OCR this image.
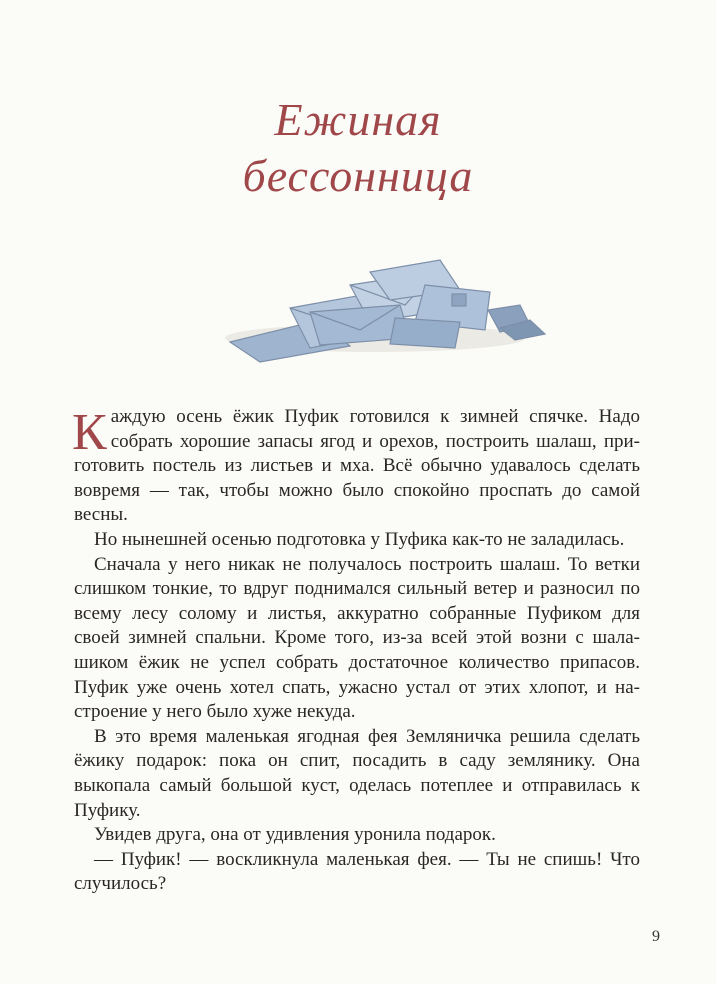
Ежиная
бессонница

Каждую осень ёжик Пуфик готовился к зимней спячке. Надо собрать хорошие запасы ягод и орехов, построить шалаш, приготовить постель из листьев и мха. Всё обычно удавалось сделать вовремя — так, чтобы можно было спокойно проспать до самой весны.

Но нынешней осенью подготовка у Пуфика как-то не заладилась.

Сначала у него никак не получалось построить шалаш. То ветки слишком тонкие, то вдруг поднимался сильный ветер и разносил по всему лесу солому и листья, аккуратно собранные Пуфиком для своей зимней спальни. Кроме того, из-за всей этой возни с шалашиком ёжик не успел собрать достаточное количество припасов. Пуфик уже очень хотел спать, ужасно устал от этих хлопот, и настроение у него было хуже некуда.

В это время маленькая ягодная фея Земляничка решила сделать ёжику подарок: пока он спит, посадить в саду землянику. Она выкопала самый большой куст, оделась потеплее и отправилась к Пуфику.

Увидев друга, она от удивления уронила подарок.

— Пуфик! — воскликнула маленькая фея. — Ты не спишь! Что случилось?

9
